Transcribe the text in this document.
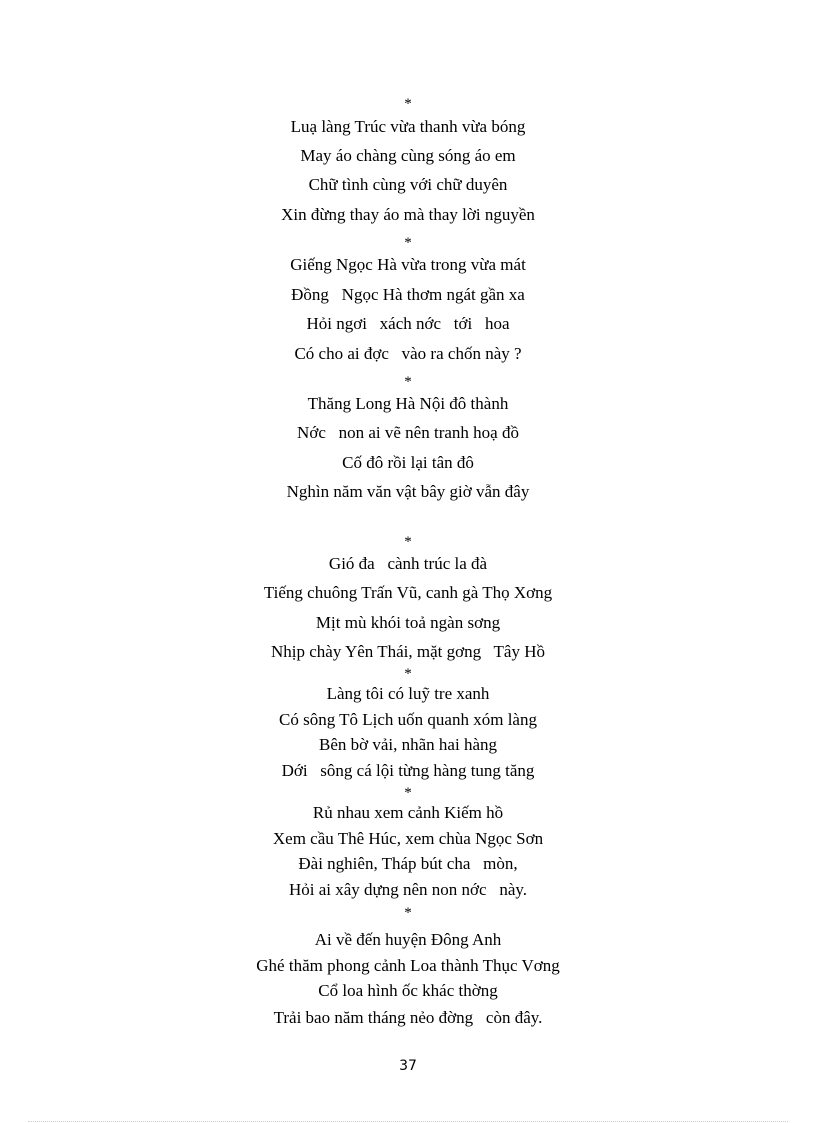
*
Luạ làng Trúc vừa thanh vừa bóng
May áo chàng cùng sóng áo em
Chữ tình cùng với chữ duyên
Xin đừng thay áo mà thay lời nguyền
*
Giếng Ngọc Hà vừa trong vừa mát
Đồng   Ngọc Hà thơm ngát gần xa
Hỏi ngơi   xách nớc   tới   hoa
Có cho ai đợc   vào ra chốn này ?
*
Thăng Long Hà Nội đô thành
Nớc   non ai vẽ nên tranh hoạ đồ
Cố đô rồi lại tân đô
Nghìn năm văn vật bây giờ vẫn đây
*
Gió đa   cành trúc la đà
Tiếng chuông Trấn Vũ, canh gà Thọ Xơng
Mịt mù khói toả ngàn sơng
Nhịp chày Yên Thái, mặt gơng   Tây Hồ
*
Làng tôi có luỹ tre xanh
Có sông Tô Lịch uốn quanh xóm làng
Bên bờ vải, nhãn hai hàng
Dới   sông cá lội từng hàng tung tăng
*
Rủ nhau xem cảnh Kiếm hồ
Xem cầu Thê Húc, xem chùa Ngọc Sơn
Đài nghiên, Tháp bút cha   mòn,
Hỏi ai xây dựng nên non nớc   này.
*
Ai về đến huyện Đông Anh
Ghé thăm phong cảnh Loa thành Thục Vơng
Cổ loa hình ốc khác thờng
Trải bao năm tháng nẻo đờng   còn đây.
37
